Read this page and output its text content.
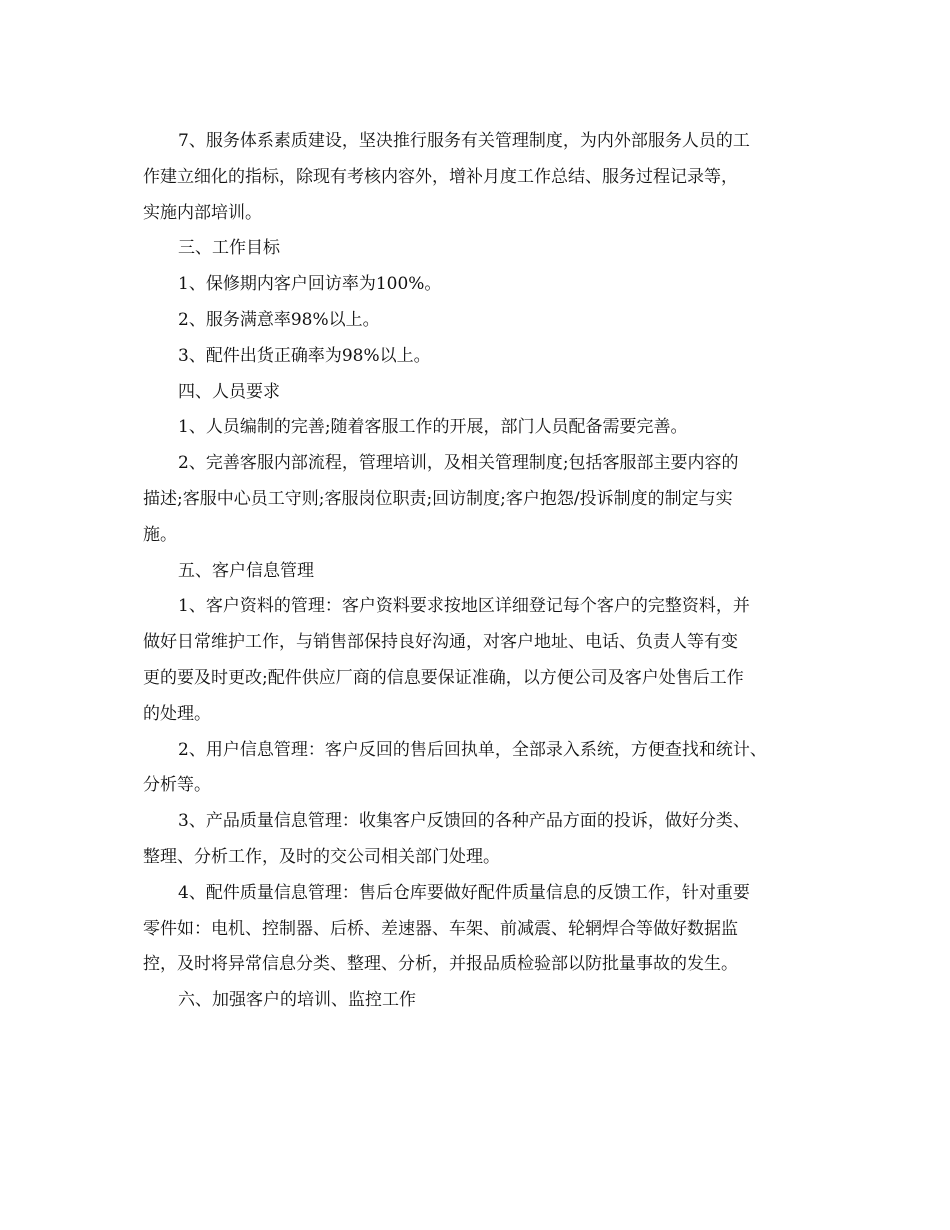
7、服务体系素质建设，坚决推行服务有关管理制度，为内外部服务人员的工
作建立细化的指标，除现有考核内容外，增补月度工作总结、服务过程记录等，
实施内部培训。
三、工作目标
1、保修期内客户回访率为100%。
2、服务满意率98%以上。
3、配件出货正确率为98%以上。
四、人员要求
1、人员编制的完善;随着客服工作的开展，部门人员配备需要完善。
2、完善客服内部流程，管理培训，及相关管理制度;包括客服部主要内容的
描述;客服中心员工守则;客服岗位职责;回访制度;客户抱怨/投诉制度的制定与实
施。
五、客户信息管理
1、客户资料的管理：客户资料要求按地区详细登记每个客户的完整资料，并
做好日常维护工作，与销售部保持良好沟通，对客户地址、电话、负责人等有变
更的要及时更改;配件供应厂商的信息要保证准确，以方便公司及客户处售后工作
的处理。
2、用户信息管理：客户反回的售后回执单，全部录入系统，方便查找和统计、
分析等。
3、产品质量信息管理：收集客户反馈回的各种产品方面的投诉，做好分类、
整理、分析工作，及时的交公司相关部门处理。
4、配件质量信息管理：售后仓库要做好配件质量信息的反馈工作，针对重要
零件如：电机、控制器、后桥、差速器、车架、前减震、轮辋焊合等做好数据监
控，及时将异常信息分类、整理、分析，并报品质检验部以防批量事故的发生。
六、加强客户的培训、监控工作
